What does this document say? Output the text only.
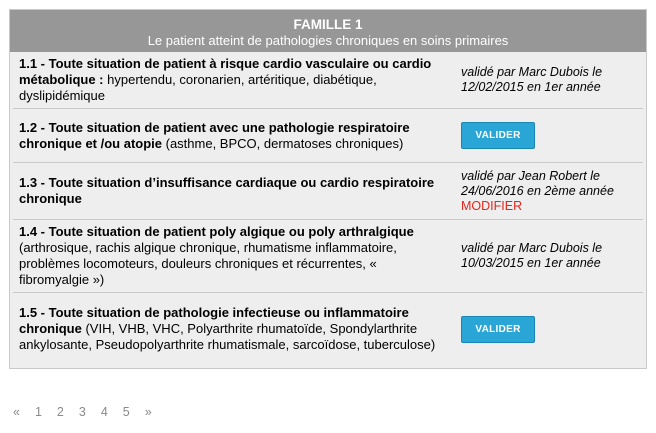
FAMILLE 1
Le patient atteint de pathologies chroniques en soins primaires
1.1 - Toute situation de patient à risque cardio vasculaire ou cardio métabolique : hypertendu, coronarien, artéritique, diabétique, dyslipidémique
validé par Marc Dubois le
12/02/2015 en 1er année
1.2 - Toute situation de patient avec une pathologie respiratoire chronique et /ou atopie (asthme, BPCO, dermatoses chroniques)	VALIDER
1.3 - Toute situation d’insuffisance cardiaque ou cardio respiratoire chronique
validé par Jean Robert le
24/06/2016 en 2ème année
MODIFIER
1.4 - Toute situation de patient poly algique ou poly arthralgique (arthrosique, rachis algique chronique, rhumatisme inflammatoire, problèmes locomoteurs, douleurs chroniques et récurrentes, « fibromyalgie »)
validé par Marc Dubois le
10/03/2015 en 1er année
1.5 - Toute situation de pathologie infectieuse ou inflammatoire chronique (VIH, VHB, VHC, Polyarthrite rhumatoïde, Spondylarthrite ankylosante, Pseudopolyarthrite rhumatismale, sarcoïdose, tuberculose)
VALIDER
« 1 2 3 4 5 »
